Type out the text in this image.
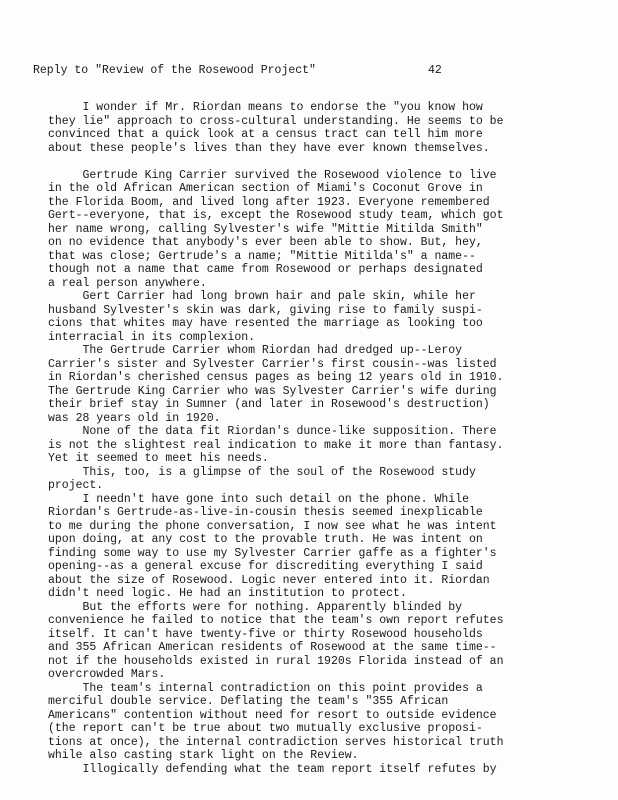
Reply to "Review of the Rosewood Project"

	42

I wonder if Mr. Riordan means to endorse the "you know how
they lie" approach to cross-cultural understanding. He seems to be
convinced that a quick look at a census tract can tell him more
about these people's lives than they have ever known themselves.
Gertrude King Carrier survived the Rosewood violence to live
in the old African American section of Miami's Coconut Grove in
the Florida Boom, and lived long after 1923. Everyone remembered
Gert--everyone, that is, except the Rosewood study team, which got
her name wrong, calling Sylvester's wife "Mittie Mitilda Smith"
on no evidence that anybody's ever been able to show. But, hey,
that was close; Gertrude's a name; "Mittie Mitilda's" a name--
though not a name that came from Rosewood or perhaps designated
a real person anywhere.
Gert Carrier had long brown hair and pale skin, while her
husband Sylvester's skin was dark, giving rise to family suspi-
cions that whites may have resented the marriage as looking too
interracial in its complexion.
The Gertrude Carrier whom Riordan had dredged up--Leroy
Carrier's sister and Sylvester Carrier's first cousin--was listed
in Riordan's cherished census pages as being 12 years old in 1910.
The Gertrude King Carrier who was Sylvester Carrier's wife during
their brief stay in Sumner (and later in Rosewood's destruction)
was 28 years old in 1920.
None of the data fit Riordan's dunce-like supposition. There
is not the slightest real indication to make it more than fantasy.
Yet it seemed to meet his needs.
This, too, is a glimpse of the soul of the Rosewood study
project.
I needn't have gone into such detail on the phone. While
Riordan's Gertrude-as-live-in-cousin thesis seemed inexplicable
to me during the phone conversation, I now see what he was intent
upon doing, at any cost to the provable truth. He was intent on
finding some way to use my Sylvester Carrier gaffe as a fighter's
opening--as a general excuse for discrediting everything I said
about the size of Rosewood. Logic never entered into it. Riordan
didn't need logic. He had an institution to protect.
But the efforts were for nothing. Apparently blinded by
convenience he failed to notice that the team's own report refutes
itself. It can't have twenty-five or thirty Rosewood households
and 355 African American residents of Rosewood at the same time--
not if the households existed in rural 1920s Florida instead of an
overcrowded Mars.
The team's internal contradiction on this point provides a
merciful double service. Deflating the team's "355 African
Americans" contention without need for resort to outside evidence
(the report can't be true about two mutually exclusive proposi-
tions at once), the internal contradiction serves historical truth
while also casting stark light on the Review.
Illogically defending what the team report itself refutes by
